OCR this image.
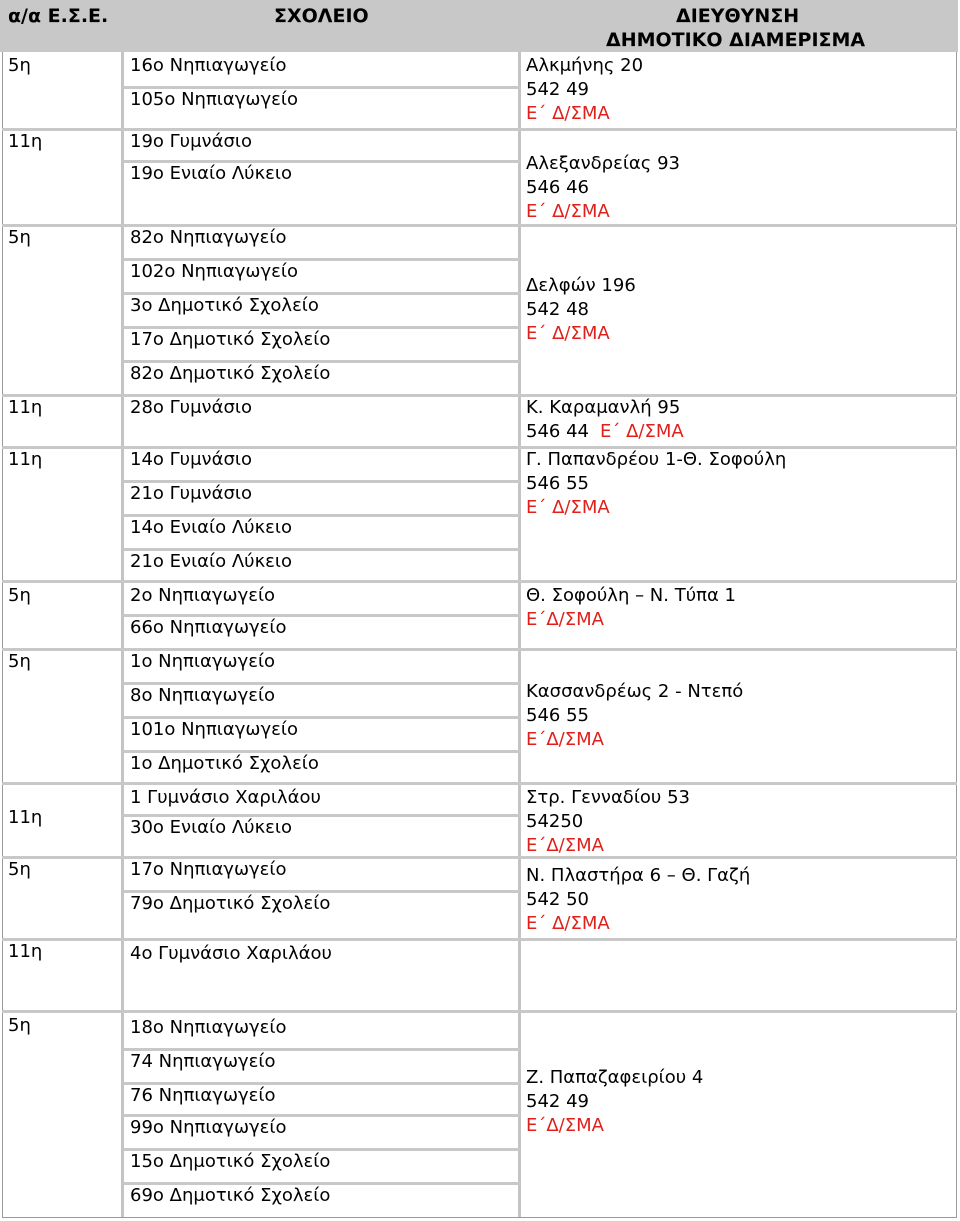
α/α Ε.Σ.Ε.	ΣΧΟΛΕΙΟ	ΔΙΕΥΘΥΝΣΗ
ΔΗΜΟΤΙΚΟ ΔΙΑΜΕΡΙΣΜΑ
5η
11η
5η
11η
11η
5η
5η
11η
5η
11η
5η
16ο Νηπιαγωγείο
105ο Νηπιαγωγείο
19ο Γυμνάσιο
19ο Ενιαίο Λύκειο
82ο Νηπιαγωγείο
102ο Νηπιαγωγείο
3ο Δημοτικό Σχολείο
17ο Δημοτικό Σχολείο
82ο Δημοτικό Σχολείο
28ο Γυμνάσιο
14ο Γυμνάσιο
21ο Γυμνάσιο
14ο Ενιαίο Λύκειο
21ο Ενιαίο Λύκειο
2ο Νηπιαγωγείο
66ο Νηπιαγωγείο
1ο Νηπιαγωγείο
8ο Νηπιαγωγείο
101ο Νηπιαγωγείο
1ο Δημοτικό Σχολείο
1 Γυμνάσιο Χαριλάου
30ο Ενιαίο Λύκειο
17ο Νηπιαγωγείο
79ο Δημοτικό Σχολείο
4ο Γυμνάσιο Χαριλάου
18ο Νηπιαγωγείο
74 Νηπιαγωγείο
76 Νηπιαγωγείο
99ο Νηπιαγωγείο
15ο Δημοτικό Σχολείο
69ο Δημοτικό Σχολείο
Αλκμήνης 20
542 49
Ε΄ Δ/ΣΜΑ
Αλεξανδρείας 93
546 46
Ε΄ Δ/ΣΜΑ
Δελφών 196
542 48
Ε΄ Δ/ΣΜΑ
Κ. Καραμανλή 95
546 44 Ε΄ Δ/ΣΜΑ
Γ. Παπανδρέου 1-Θ. Σοφούλη
546 55
Ε΄ Δ/ΣΜΑ
Θ. Σοφούλη – Ν. Τύπα 1
Ε΄Δ/ΣΜΑ
Κασσανδρέως 2 - Ντεπό
546 55
Ε΄Δ/ΣΜΑ
Στρ. Γενναδίου 53
54250
Ε΄Δ/ΣΜΑ
Ν. Πλαστήρα 6 – Θ. Γαζή
542 50
Ε΄ Δ/ΣΜΑ
Ζ. Παπαζαφειρίου 4
542 49
Ε΄Δ/ΣΜΑ
